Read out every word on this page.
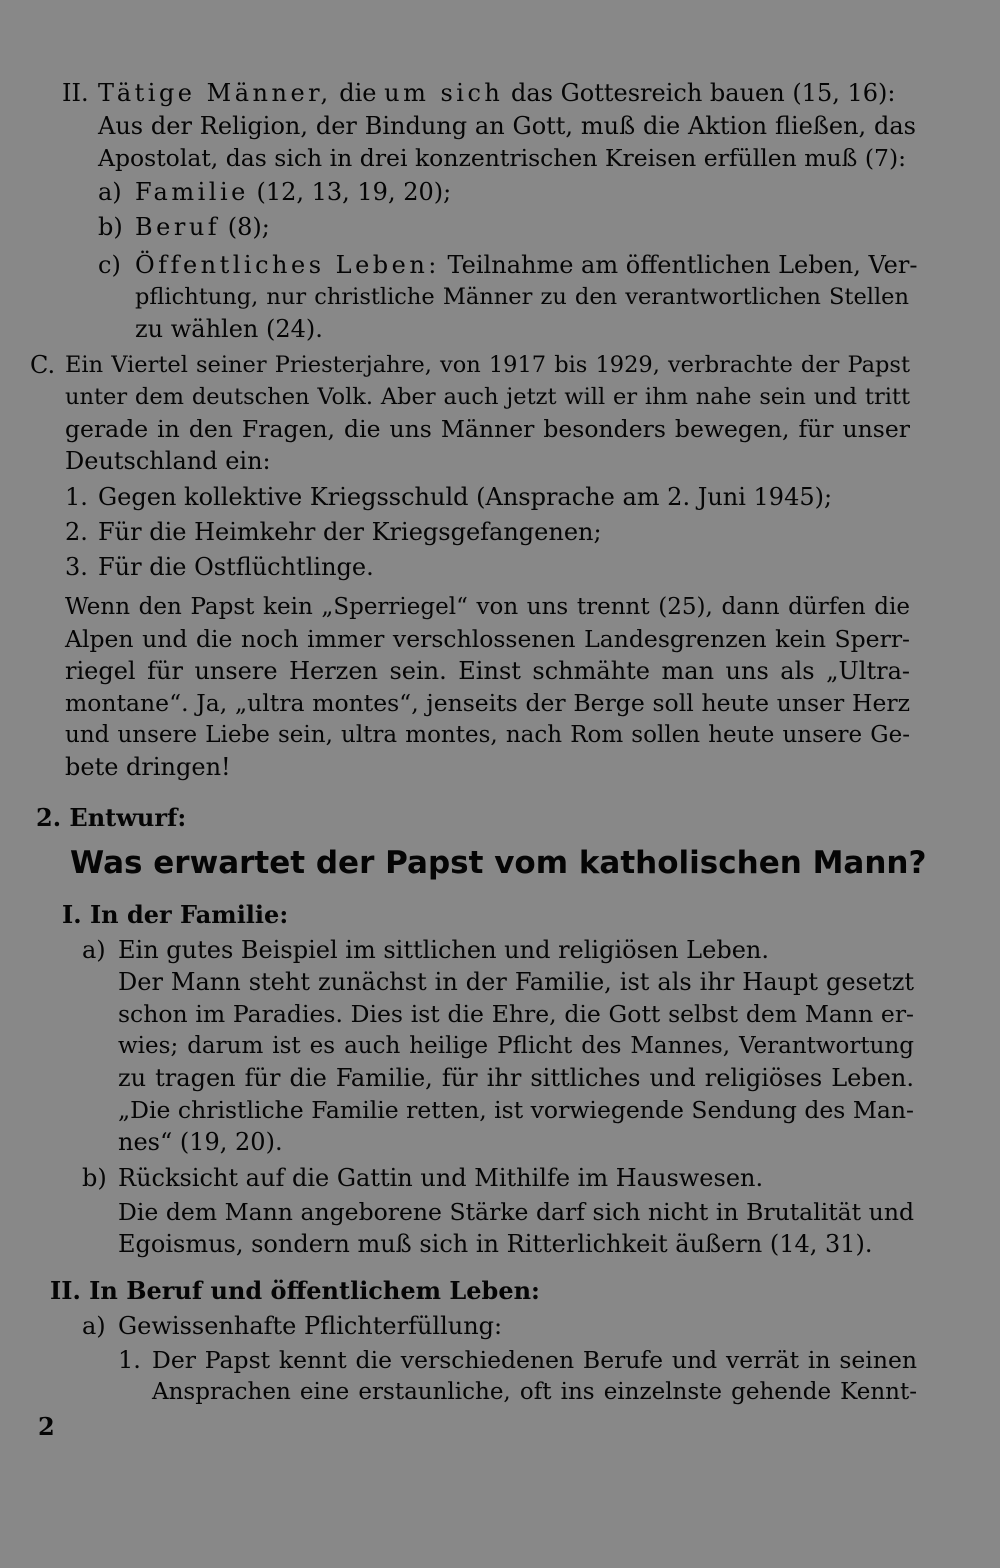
II. Tätige Männer, die um sich das Gottesreich bauen (15, 16):
Aus der Religion, der Bindung an Gott, muß die Aktion fließen, das
Apostolat, das sich in drei konzentrischen Kreisen erfüllen muß (7):
a) Familie (12, 13, 19, 20);
b) Beruf (8);
c) Öffentliches Leben: Teilnahme am öffentlichen Leben, Ver-
pflichtung, nur christliche Männer zu den verantwortlichen Stellen
zu wählen (24).
C. Ein Viertel seiner Priesterjahre, von 1917 bis 1929, verbrachte der Papst
unter dem deutschen Volk. Aber auch jetzt will er ihm nahe sein und tritt
gerade in den Fragen, die uns Männer besonders bewegen, für unser
Deutschland ein:
1. Gegen kollektive Kriegsschuld (Ansprache am 2. Juni 1945);
2. Für die Heimkehr der Kriegsgefangenen;
3. Für die Ostflüchtlinge.
Wenn den Papst kein „Sperriegel“ von uns trennt (25), dann dürfen die
Alpen und die noch immer verschlossenen Landesgrenzen kein Sperr-
riegel für unsere Herzen sein. Einst schmähte man uns als „Ultra-
montane“. Ja, „ultra montes“, jenseits der Berge soll heute unser Herz
und unsere Liebe sein, ultra montes, nach Rom sollen heute unsere Ge-
bete dringen!
2. Entwurf:
Was erwartet der Papst vom katholischen Mann?
I. In der Familie:
a) Ein gutes Beispiel im sittlichen und religiösen Leben.
Der Mann steht zunächst in der Familie, ist als ihr Haupt gesetzt
schon im Paradies. Dies ist die Ehre, die Gott selbst dem Mann er-
wies; darum ist es auch heilige Pflicht des Mannes, Verantwortung
zu tragen für die Familie, für ihr sittliches und religiöses Leben.
„Die christliche Familie retten, ist vorwiegende Sendung des Man-
nes“ (19, 20).
b) Rücksicht auf die Gattin und Mithilfe im Hauswesen.
Die dem Mann angeborene Stärke darf sich nicht in Brutalität und
Egoismus, sondern muß sich in Ritterlichkeit äußern (14, 31).
II. In Beruf und öffentlichem Leben:
a) Gewissenhafte Pflichterfüllung:
1. Der Papst kennt die verschiedenen Berufe und verrät in seinen
Ansprachen eine erstaunliche, oft ins einzelnste gehende Kennt-
2
